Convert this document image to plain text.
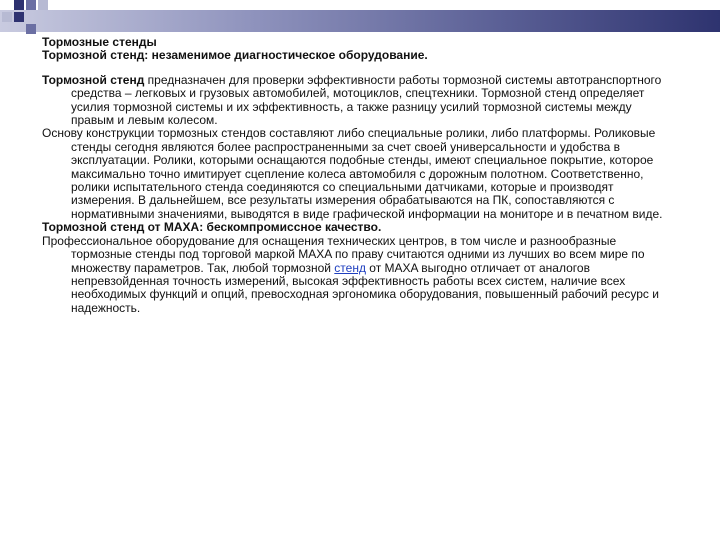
Тормозные стенды

Тормозной стенд: незаменимое диагностическое оборудование.

Тормозной стенд предназначен для проверки эффективности работы тормозной системы автотранспортного средства – легковых и грузовых автомобилей, мотоциклов, спецтехники. Тормозной стенд определяет усилия тормозной системы и их эффективность, а также разницу усилий тормозной системы между правым и левым колесом.

Основу конструкции тормозных стендов составляют либо специальные ролики, либо платформы. Роликовые стенды сегодня являются более распространенными за счет своей универсальности и удобства в эксплуатации. Ролики, которыми оснащаются подобные стенды, имеют специальное покрытие, которое максимально точно имитирует сцепление колеса автомобиля с дорожным полотном. Соответственно, ролики испытательного стенда соединяются со специальными датчиками, которые и производят измерения. В дальнейшем, все результаты измерения обрабатываются на ПК, сопоставляются с нормативными значениями, выводятся в виде графической информации на мониторе и в печатном виде.

Тормозной стенд от MAXA: бескомпромиссное качество.

Профессиональное оборудование для оснащения технических центров, в том числе и разнообразные тормозные стенды под торговой маркой MAXA по праву считаются одними из лучших во всем мире по множеству параметров. Так, любой тормозной стенд от MAXA выгодно отличает от аналогов непревзойденная точность измерений, высокая эффективность работы всех систем, наличие всех необходимых функций и опций, превосходная эргономика оборудования, повышенный рабочий ресурс и надежность.
